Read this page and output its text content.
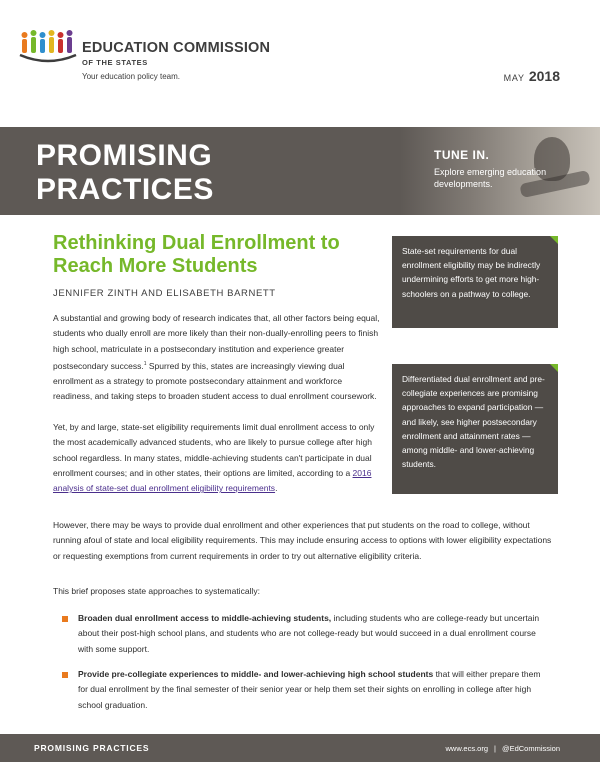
EDUCATION COMMISSION
OF THE STATES
Your education policy team.	MAY 2018
PROMISING
PRACTICES
TUNE IN.
Explore emerging education developments.
Rethinking Dual Enrollment to Reach More Students
JENNIFER ZINTH AND ELISABETH BARNETT
A substantial and growing body of research indicates that, all other factors being equal, students who dually enroll are more likely than their non-dually-enrolling peers to finish high school, matriculate in a postsecondary institution and experience greater postsecondary success.$^1$ Spurred by this, states are increasingly viewing dual enrollment as a strategy to promote postsecondary attainment and workforce readiness, and taking steps to broaden student access to dual enrollment coursework.
Yet, by and large, state-set eligibility requirements limit dual enrollment access to only the most academically advanced students, who are likely to pursue college after high school regardless. In many states, middle-achieving students can't participate in dual enrollment courses; and in other states, their options are limited, according to a 2016 analysis of state-set dual enrollment eligibility requirements.
However, there may be ways to provide dual enrollment and other experiences that put students on the road to college, without running afoul of state and local eligibility requirements. This may include ensuring access to options with lower eligibility expectations or requesting exemptions from current requirements in order to try out alternative eligibility criteria.
This brief proposes state approaches to systematically:
Broaden dual enrollment access to middle-achieving students, including students who are college-ready but uncertain about their post-high school plans, and students who are not college-ready but would succeed in a dual enrollment course with some support.
Provide pre-collegiate experiences to middle- and lower-achieving high school students that will either prepare them for dual enrollment by the final semester of their senior year or help them set their sights on enrolling in college after high school graduation.
State-set requirements for dual enrollment eligibility may be indirectly undermining efforts to get more high-schoolers on a pathway to college.
Differentiated dual enrollment and pre-collegiate experiences are promising approaches to expand participation — and likely, see higher postsecondary enrollment and attainment rates — among middle- and lower-achieving students.
PROMISING PRACTICES	www.ecs.org | @EdCommission
